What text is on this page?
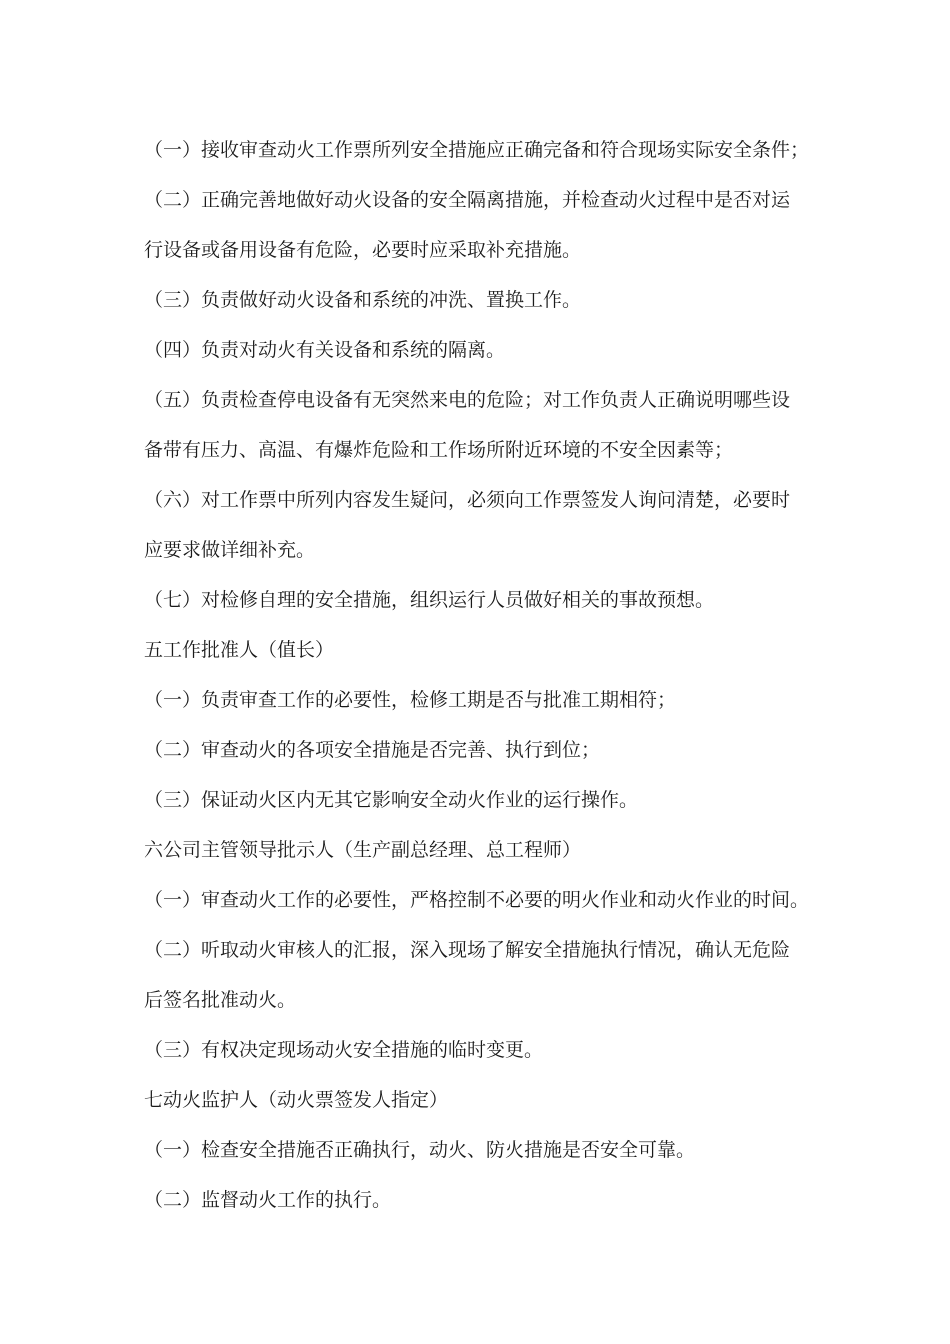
（一）接收审查动火工作票所列安全措施应正确完备和符合现场实际安全条件；
（二）正确完善地做好动火设备的安全隔离措施，并检查动火过程中是否对运
行设备或备用设备有危险，必要时应采取补充措施。
（三）负责做好动火设备和系统的冲洗、置换工作。
（四）负责对动火有关设备和系统的隔离。
（五）负责检查停电设备有无突然来电的危险；对工作负责人正确说明哪些设
备带有压力、高温、有爆炸危险和工作场所附近环境的不安全因素等；
（六）对工作票中所列内容发生疑问，必须向工作票签发人询问清楚，必要时
应要求做详细补充。
（七）对检修自理的安全措施，组织运行人员做好相关的事故预想。
五工作批准人（值长）
（一）负责审查工作的必要性，检修工期是否与批准工期相符；
（二）审查动火的各项安全措施是否完善、执行到位；
（三）保证动火区内无其它影响安全动火作业的运行操作。
六公司主管领导批示人（生产副总经理、总工程师）
（一）审查动火工作的必要性，严格控制不必要的明火作业和动火作业的时间。
（二）听取动火审核人的汇报，深入现场了解安全措施执行情况，确认无危险
后签名批准动火。
（三）有权决定现场动火安全措施的临时变更。
七动火监护人（动火票签发人指定）
（一）检查安全措施否正确执行，动火、防火措施是否安全可靠。
（二）监督动火工作的执行。
